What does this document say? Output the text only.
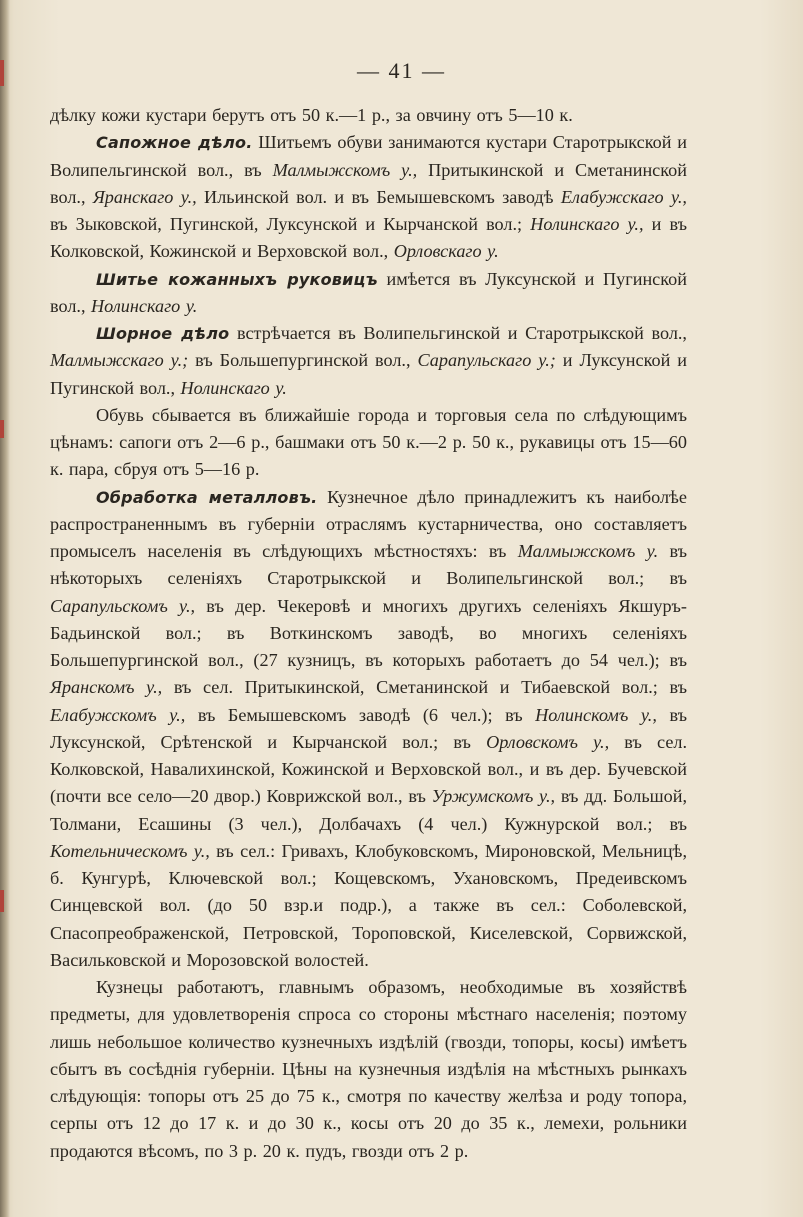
— 41 —

дѣлку кожи кустари берутъ отъ 50 к.—1 р., за овчину отъ 5—10 к.

Сапожное дѣло. Шитьемъ обуви занимаются кустари Старотрыкской и Волипельгинской вол., въ Малмыжскомъ у., Притыкинской и Сметанинской вол., Яранскаго у., Ильинской вол. и въ Бемышевскомъ заводѣ Елабужскаго у., въ Зыковской, Пугинской, Луксунской и Кырчанской вол.; Нолинскаго у., и въ Колковской, Кожинской и Верховской вол., Орловскаго у.

Шитье кожанныхъ руковицъ имѣется въ Луксунской и Пугинской вол., Нолинскаго у.

Шорное дѣло встрѣчается въ Волипельгинской и Старотрыкской вол., Малмыжскаго у.; въ Большепургинской вол., Сарапульскаго у.; и Луксунской и Пугинской вол., Нолинскаго у.

Обувь сбывается въ ближайшіе города и торговыя села по слѣдующимъ цѣнамъ: сапоги отъ 2—6 р., башмаки отъ 50 к.—2 р. 50 к., рукавицы отъ 15—60 к. пара, сбруя отъ 5—16 р.

Обработка металловъ. Кузнечное дѣло принадлежитъ къ наиболѣе распространеннымъ въ губерніи отраслямъ кустарничества, оно составляетъ промыселъ населенія въ слѣдующихъ мѣстностяхъ: въ Малмыжскомъ у. въ нѣкоторыхъ селеніяхъ Старотрыкской и Волипельгинской вол.; въ Сарапульскомъ у., въ дер. Чекеровѣ и многихъ другихъ селеніяхъ Якшуръ-Бадьинской вол.; въ Воткинскомъ заводѣ, во многихъ селеніяхъ Большепургинской вол., (27 кузницъ, въ которыхъ работаетъ до 54 чел.); въ Яранскомъ у., въ сел. Притыкинской, Сметанинской и Тибаевской вол.; въ Елабужскомъ у., въ Бемышевскомъ заводѣ (6 чел.); въ Нолинскомъ у., въ Луксунской, Срѣтенской и Кырчанской вол.; въ Орловскомъ у., въ сел. Колковской, Навалихинской, Кожинской и Верховской вол., и въ дер. Бучевской (почти все село—20 двор.) Коврижской вол., въ Уржумскомъ у., въ дд. Большой, Толмани, Есашины (3 чел.), Долбачахъ (4 чел.) Кужнурской вол.; въ Котельническомъ у., въ сел.: Гривахъ, Клобуковскомъ, Мироновской, Мельницѣ, б. Кунгурѣ, Ключевской вол.; Кощевскомъ, Ухановскомъ, Предеивскомъ Синцевской вол. (до 50 взр.и подр.), а также въ сел.: Соболевской, Спасопреображенской, Петровской, Тороповской, Киселевской, Сорвижской, Васильковской и Морозовской волостей.

Кузнецы работаютъ, главнымъ образомъ, необходимые въ хозяйствѣ предметы, для удовлетворенія спроса со стороны мѣстнаго населенія; поэтому лишь небольшое количество кузнечныхъ издѣлій (гвозди, топоры, косы) имѣетъ сбытъ въ сосѣднія губерніи. Цѣны на кузнечныя издѣлія на мѣстныхъ рынкахъ слѣдующія: топоры отъ 25 до 75 к., смотря по качеству желѣза и роду топора, серпы отъ 12 до 17 к. и до 30 к., косы отъ 20 до 35 к., лемехи, рольники продаются вѣсомъ, по 3 р. 20 к. пудъ, гвозди отъ 2 р.
